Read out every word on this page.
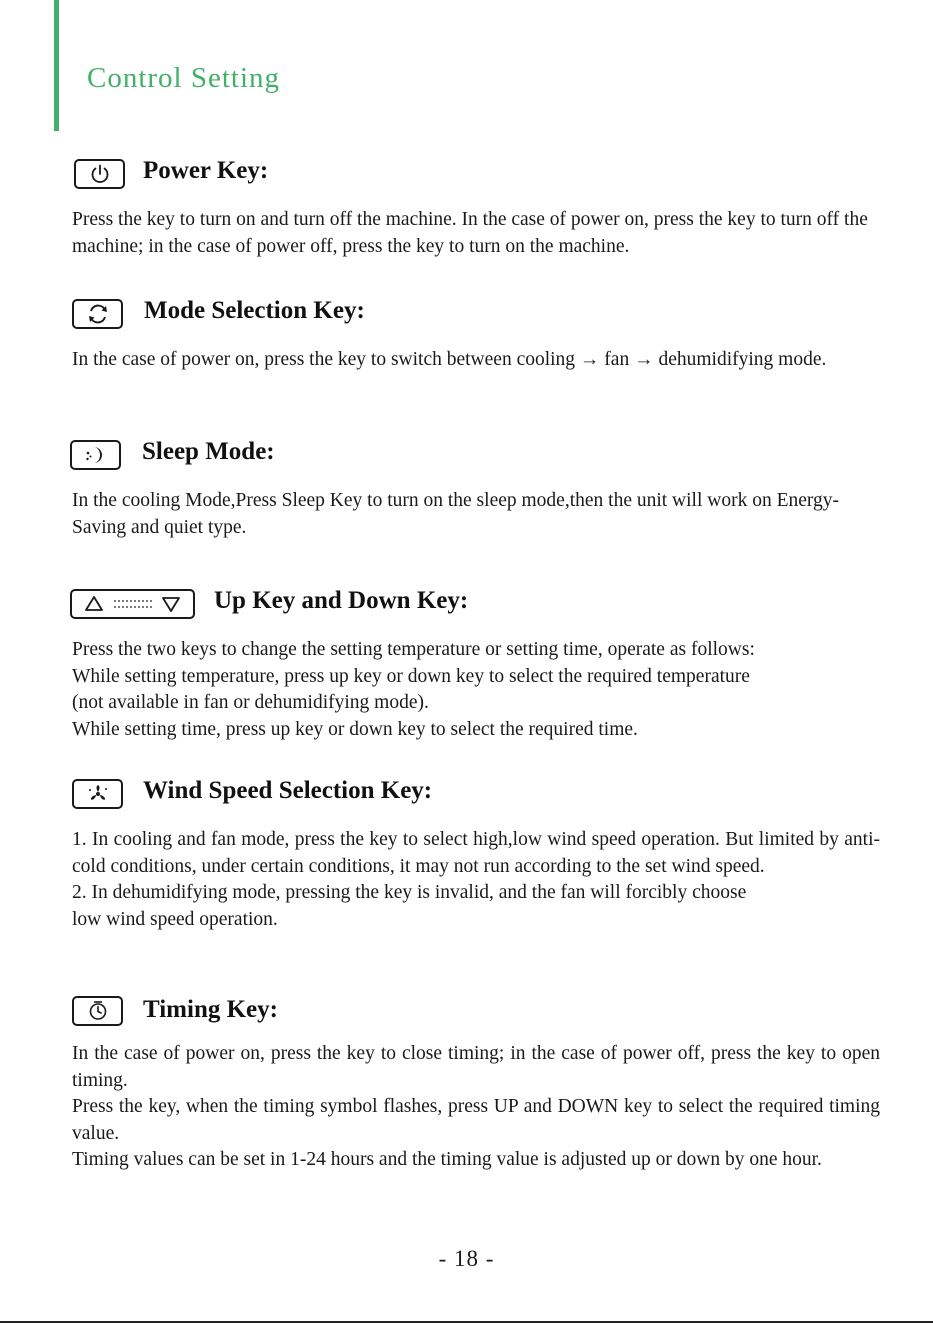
Control Setting
Power Key:

Press the key to turn on and turn off the machine. In the case of power on, press the key to turn off the machine; in the case of power off, press the key to turn on the machine.

Mode Selection Key:

In the case of power on, press the key to switch between cooling → fan → dehumidifying mode.

Sleep Mode:

In the cooling Mode,Press Sleep Key to turn on the sleep mode,then the unit will work on Energy-Saving and quiet type.

Up Key and Down Key:

Press the two keys to change the setting temperature or setting time, operate as follows:

While setting temperature, press up key or down key to select the required temperature

(not available in fan or dehumidifying mode).

While setting time, press up key or down key to select the required time.

Wind Speed Selection Key:

1. In cooling and fan mode, press the key to select high,low wind speed operation. But limited by anti-cold conditions, under certain conditions, it may not run according to the set wind speed.

2. In dehumidifying mode, pressing the key is invalid, and the fan will forcibly choose

low wind speed operation.

Timing Key:

In the case of power on, press the key to close timing; in the case of power off, press the key to open timing.

Press the key, when the timing symbol flashes, press UP and DOWN key to select the required timing value.

Timing values can be set in 1-24 hours and the timing value is adjusted up or down by one hour.

- 18 -
